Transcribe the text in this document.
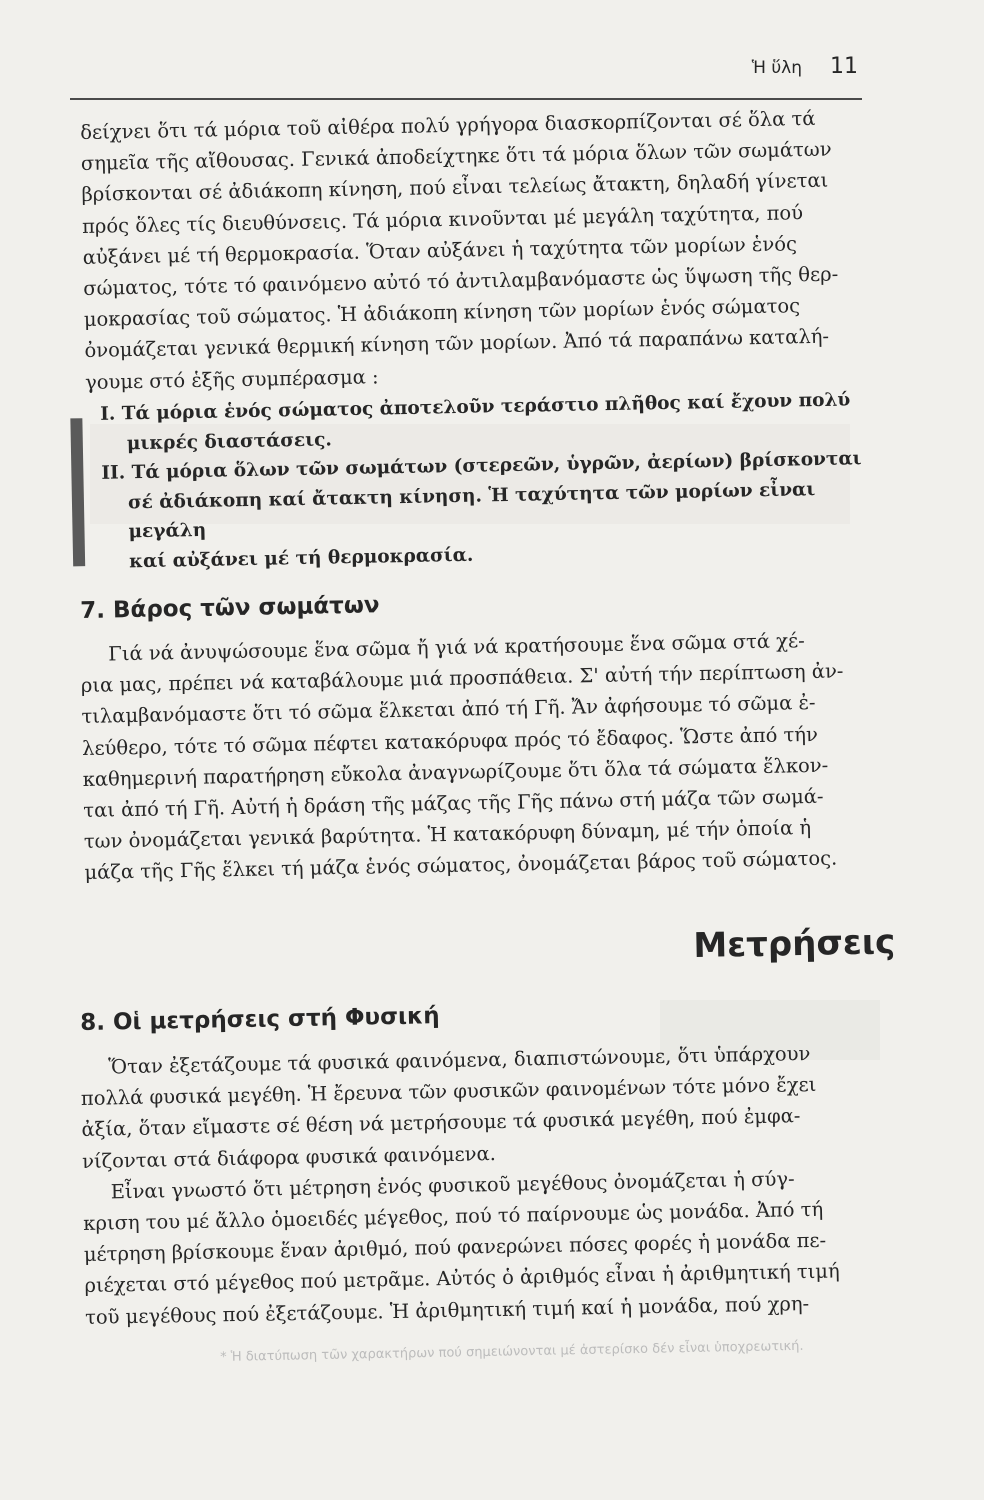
Ἡ ὕλη 11

δείχνει ὅτι τά μόρια τοῦ αἰθέρα πολύ γρήγορα διασκορπίζονται σέ ὅλα τά

σημεῖα τῆς αἴθουσας. Γενικά ἀποδείχτηκε ὅτι τά μόρια ὅλων τῶν σωμάτων

βρίσκονται σέ ἀδιάκοπη κίνηση, πού εἶναι τελείως ἄτακτη, δηλαδή γίνεται

πρός ὅλες τίς διευθύνσεις. Τά μόρια κινοῦνται μέ μεγάλη ταχύτητα, πού

αὐξάνει μέ τή θερμοκρασία. Ὅταν αὐξάνει ἡ ταχύτητα τῶν μορίων ἑνός

σώματος, τότε τό φαινόμενο αὐτό τό ἀντιλαμβανόμαστε ὡς ὕψωση τῆς θερ-

μοκρασίας τοῦ σώματος. Ἡ ἀδιάκοπη κίνηση τῶν μορίων ἑνός σώματος

ὀνομάζεται γενικά θερμική κίνηση τῶν μορίων. Ἀπό τά παραπάνω καταλή-

γουμε στό ἑξῆς συμπέρασμα :

I. Τά μόρια ἑνός σώματος ἀποτελοῦν τεράστιο πλῆθος καί ἔχουν πολύ

μικρές διαστάσεις.

II. Τά μόρια ὅλων τῶν σωμάτων (στερεῶν, ὑγρῶν, ἀερίων) βρίσκονται

σέ ἀδιάκοπη καί ἄτακτη κίνηση. Ἡ ταχύτητα τῶν μορίων εἶναι μεγάλη

καί αὐξάνει μέ τή θερμοκρασία.

7. Βάρος τῶν σωμάτων

Γιά νά ἀνυψώσουμε ἕνα σῶμα ἤ γιά νά κρατήσουμε ἕνα σῶμα στά χέ-

ρια μας, πρέπει νά καταβάλουμε μιά προσπάθεια. Σ' αὐτή τήν περίπτωση ἀν-

τιλαμβανόμαστε ὅτι τό σῶμα ἕλκεται ἀπό τή Γῆ. Ἄν ἀφήσουμε τό σῶμα ἐ-

λεύθερο, τότε τό σῶμα πέφτει κατακόρυφα πρός τό ἔδαφος. Ὥστε ἀπό τήν

καθημερινή παρατήρηση εὔκολα ἀναγνωρίζουμε ὅτι ὅλα τά σώματα ἕλκον-

ται ἀπό τή Γῆ. Αὐτή ἡ δράση τῆς μάζας τῆς Γῆς πάνω στή μάζα τῶν σωμά-

των ὀνομάζεται γενικά βαρύτητα. Ἡ κατακόρυφη δύναμη, μέ τήν ὁποία ἡ

μάζα τῆς Γῆς ἕλκει τή μάζα ἑνός σώματος, ὀνομάζεται βάρος τοῦ σώματος.

Μετρήσεις
8. Οἱ μετρήσεις στή Φυσική

Ὅταν ἐξετάζουμε τά φυσικά φαινόμενα, διαπιστώνουμε, ὅτι ὑπάρχουν

πολλά φυσικά μεγέθη. Ἡ ἔρευνα τῶν φυσικῶν φαινομένων τότε μόνο ἔχει

ἀξία, ὅταν εἴμαστε σέ θέση νά μετρήσουμε τά φυσικά μεγέθη, πού ἐμφα-

νίζονται στά διάφορα φυσικά φαινόμενα.

Εἶναι γνωστό ὅτι μέτρηση ἑνός φυσικοῦ μεγέθους ὀνομάζεται ἡ σύγ-

κριση του μέ ἄλλο ὁμοειδές μέγεθος, πού τό παίρνουμε ὡς μονάδα. Ἀπό τή

μέτρηση βρίσκουμε ἕναν ἀριθμό, πού φανερώνει πόσες φορές ἡ μονάδα πε-

ριέχεται στό μέγεθος πού μετρᾶμε. Αὐτός ὁ ἀριθμός εἶναι ἡ ἀριθμητική τιμή

τοῦ μεγέθους πού ἐξετάζουμε. Ἡ ἀριθμητική τιμή καί ἡ μονάδα, πού χρη-

* Ἡ διατύπωση τῶν χαρακτήρων πού σημειώνονται μέ ἀστερίσκο δέν εἶναι ὑποχρεωτική.
